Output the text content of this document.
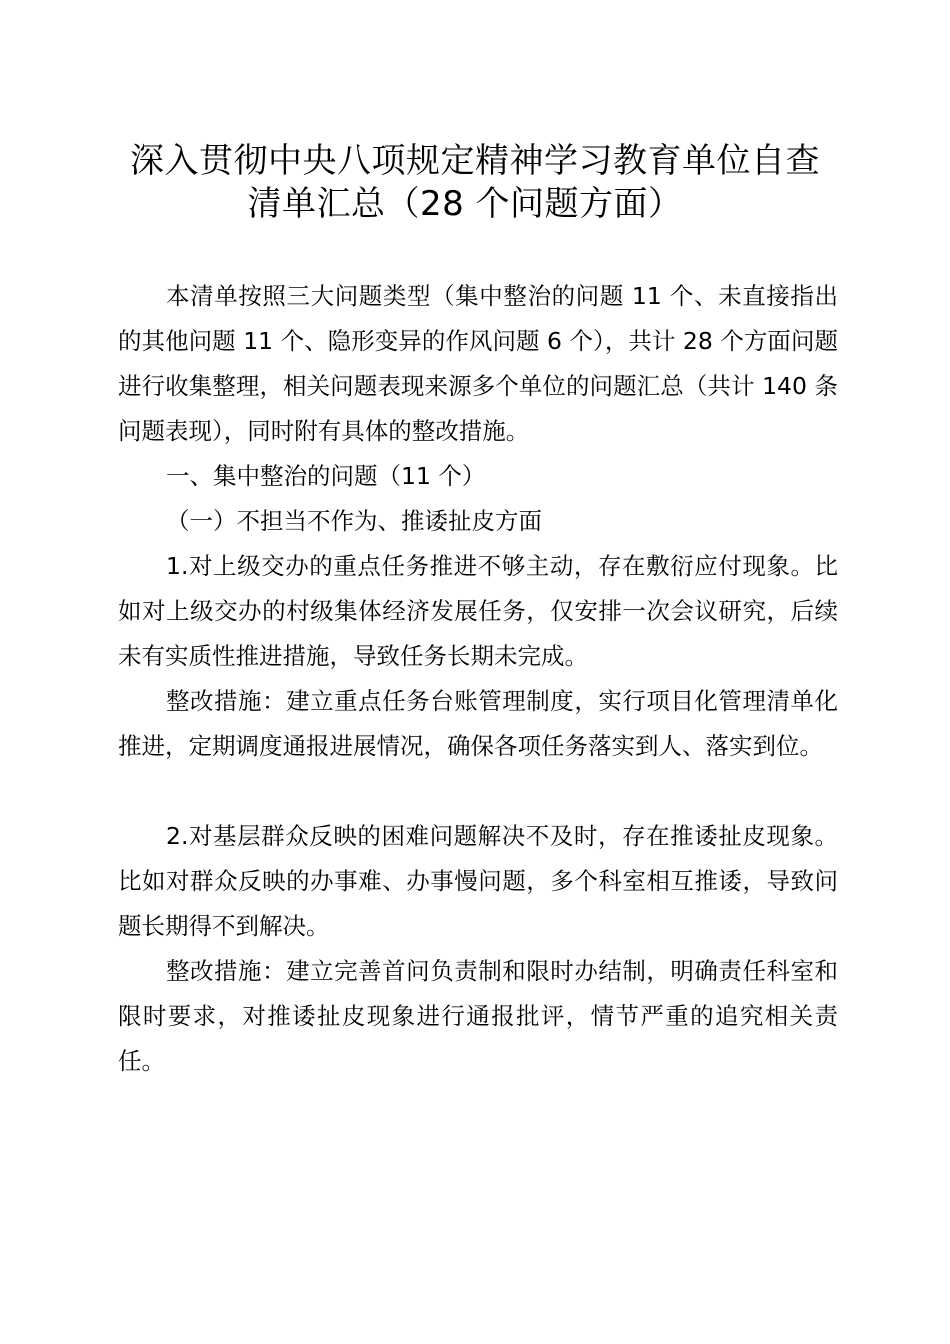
深入贯彻中央八项规定精神学习教育单位自查
清单汇总（28 个问题方面）
本清单按照三大问题类型（集中整治的问题 11 个、未直接指出的其他问题 11 个、隐形变异的作风问题 6 个），共计 28 个方面问题进行收集整理，相关问题表现来源多个单位的问题汇总（共计 140 条问题表现），同时附有具体的整改措施。
一、集中整治的问题（11 个）
（一）不担当不作为、推诿扯皮方面
1.对上级交办的重点任务推进不够主动，存在敷衍应付现象。比如对上级交办的村级集体经济发展任务，仅安排一次会议研究，后续未有实质性推进措施，导致任务长期未完成。
整改措施：建立重点任务台账管理制度，实行项目化管理清单化推进，定期调度通报进展情况，确保各项任务落实到人、落实到位。
2.对基层群众反映的困难问题解决不及时，存在推诿扯皮现象。比如对群众反映的办事难、办事慢问题，多个科室相互推诿，导致问题长期得不到解决。
整改措施：建立完善首问负责制和限时办结制，明确责任科室和限时要求，对推诿扯皮现象进行通报批评，情节严重的追究相关责任。
